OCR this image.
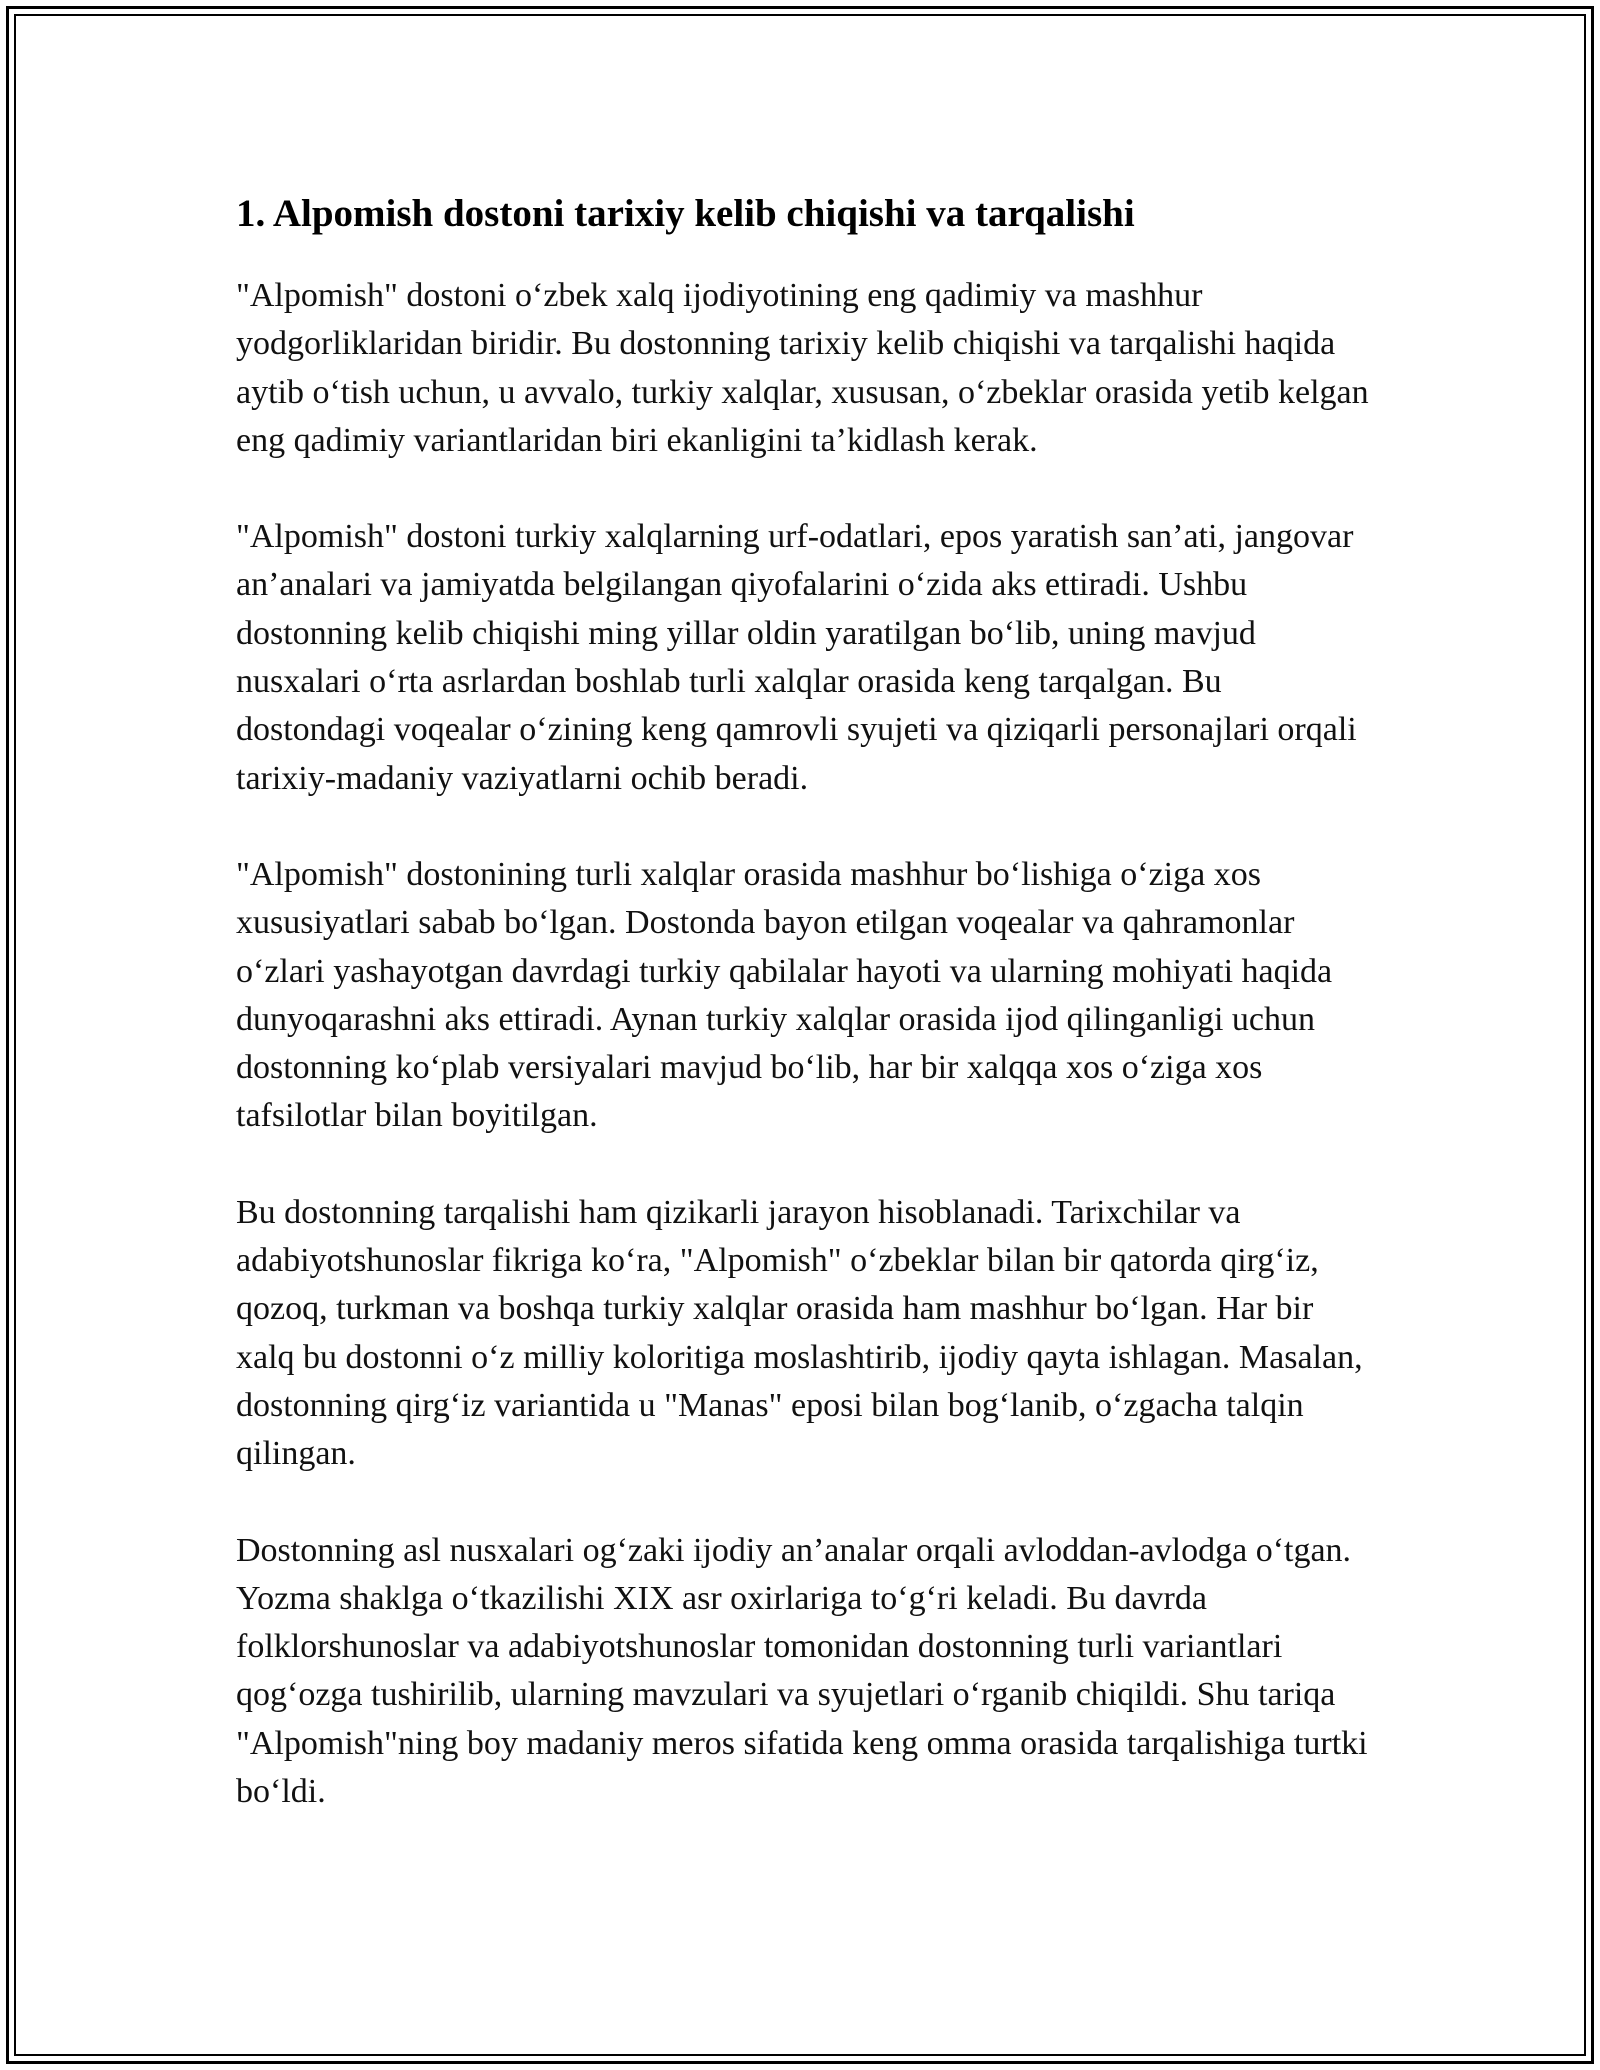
1. Alpomish dostoni tarixiy kelib chiqishi va tarqalishi

"Alpomish" dostoni o‘zbek xalq ijodiyotining eng qadimiy va mashhur yodgorliklaridan biridir. Bu dostonning tarixiy kelib chiqishi va tarqalishi haqida aytib o‘tish uchun, u avvalo, turkiy xalqlar, xususan, o‘zbeklar orasida yetib kelgan eng qadimiy variantlaridan biri ekanligini ta’kidlash kerak.

"Alpomish" dostoni turkiy xalqlarning urf-odatlari, epos yaratish san’ati, jangovar an’analari va jamiyatda belgilangan qiyofalarini o‘zida aks ettiradi. Ushbu dostonning kelib chiqishi ming yillar oldin yaratilgan bo‘lib, uning mavjud nusxalari o‘rta asrlardan boshlab turli xalqlar orasida keng tarqalgan. Bu dostondagi voqealar o‘zining keng qamrovli syujeti va qiziqarli personajlari orqali tarixiy-madaniy vaziyatlarni ochib beradi.

"Alpomish" dostonining turli xalqlar orasida mashhur bo‘lishiga o‘ziga xos xususiyatlari sabab bo‘lgan. Dostonda bayon etilgan voqealar va qahramonlar o‘zlari yashayotgan davrdagi turkiy qabilalar hayoti va ularning mohiyati haqida dunyoqarashni aks ettiradi. Aynan turkiy xalqlar orasida ijod qilinganligi uchun dostonning ko‘plab versiyalari mavjud bo‘lib, har bir xalqqa xos o‘ziga xos tafsilotlar bilan boyitilgan.

Bu dostonning tarqalishi ham qizikarli jarayon hisoblanadi. Tarixchilar va adabiyotshunoslar fikriga ko‘ra, "Alpomish" o‘zbeklar bilan bir qatorda qirg‘iz, qozoq, turkman va boshqa turkiy xalqlar orasida ham mashhur bo‘lgan. Har bir xalq bu dostonni o‘z milliy koloritiga moslashtirib, ijodiy qayta ishlagan. Masalan, dostonning qirg‘iz variantida u "Manas" eposi bilan bog‘lanib, o‘zgacha talqin qilingan.

Dostonning asl nusxalari og‘zaki ijodiy an’analar orqali avloddan-avlodga o‘tgan. Yozma shaklga o‘tkazilishi XIX asr oxirlariga to‘g‘ri keladi. Bu davrda folklorshunoslar va adabiyotshunoslar tomonidan dostonning turli variantlari qog‘ozga tushirilib, ularning mavzulari va syujetlari o‘rganib chiqildi. Shu tariqa "Alpomish"ning boy madaniy meros sifatida keng omma orasida tarqalishiga turtki bo‘ldi.
